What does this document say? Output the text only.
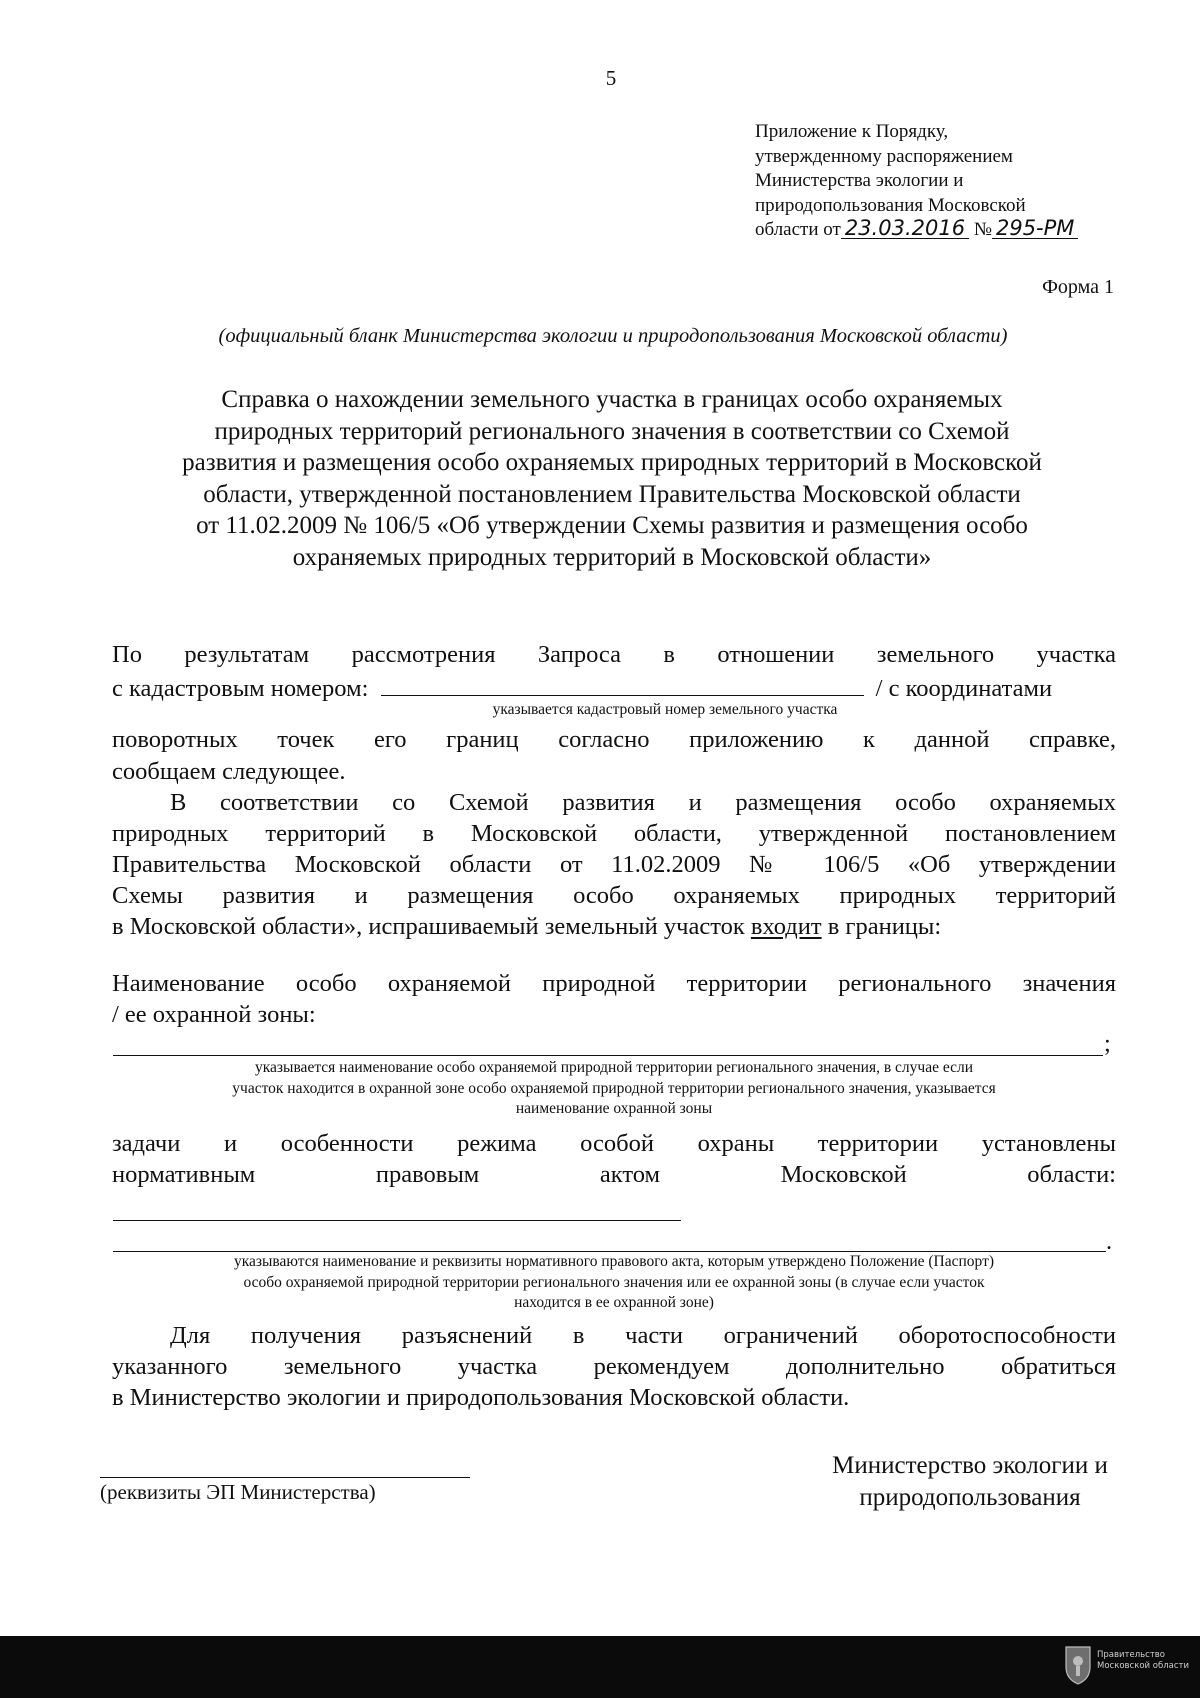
5
Приложение к Порядку,
утвержденному распоряжением
Министерства экологии и
природопользования Московской
области от 23.03.2016 № 295-РМ
Форма 1
(официальный бланк Министерства экологии и природопользования Московской области)
Справка о нахождении земельного участка в границах особо охраняемых
природных территорий регионального значения в соответствии со Схемой
развития и размещения особо охраняемых природных территорий в Московской
области, утвержденной постановлением Правительства Московской области
от 11.02.2009 № 106/5 «Об утверждении Схемы развития и размещения особо
охраняемых природных территорий в Московской области»
По результатам рассмотрения Запроса в отношении земельного участка
с кадастровым номером:	/ с координатами
указывается кадастровый номер земельного участка
поворотных точек его границ согласно приложению к данной справке,
сообщаем следующее.
В соответствии со Схемой развития и размещения особо охраняемых
природных территорий в Московской области, утвержденной постановлением
Правительства Московской области от 11.02.2009 № 106/5 «Об утверждении
Схемы развития и размещения особо охраняемых природных территорий
в Московской области», испрашиваемый земельный участок входит в границы:
Наименование особо охраняемой природной территории регионального значения
/ ее охранной зоны:
;
указывается наименование особо охраняемой природной территории регионального значения, в случае если
участок находится в охранной зоне особо охраняемой природной территории регионального значения, указывается
наименование охранной зоны
задачи и особенности режима особой охраны территории установлены
нормативным правовым актом Московской области:
.
указываются наименование и реквизиты нормативного правового акта, которым утверждено Положение (Паспорт)
особо охраняемой природной территории регионального значения или ее охранной зоны (в случае если участок
находится в ее охранной зоне)
Для получения разъяснений в части ограничений оборотоспособности
указанного земельного участка рекомендуем дополнительно обратиться
в Министерство экологии и природопользования Московской области.
(реквизиты ЭП Министерства)
Министерство экологии и
природопользования
Правительство
Московской области
